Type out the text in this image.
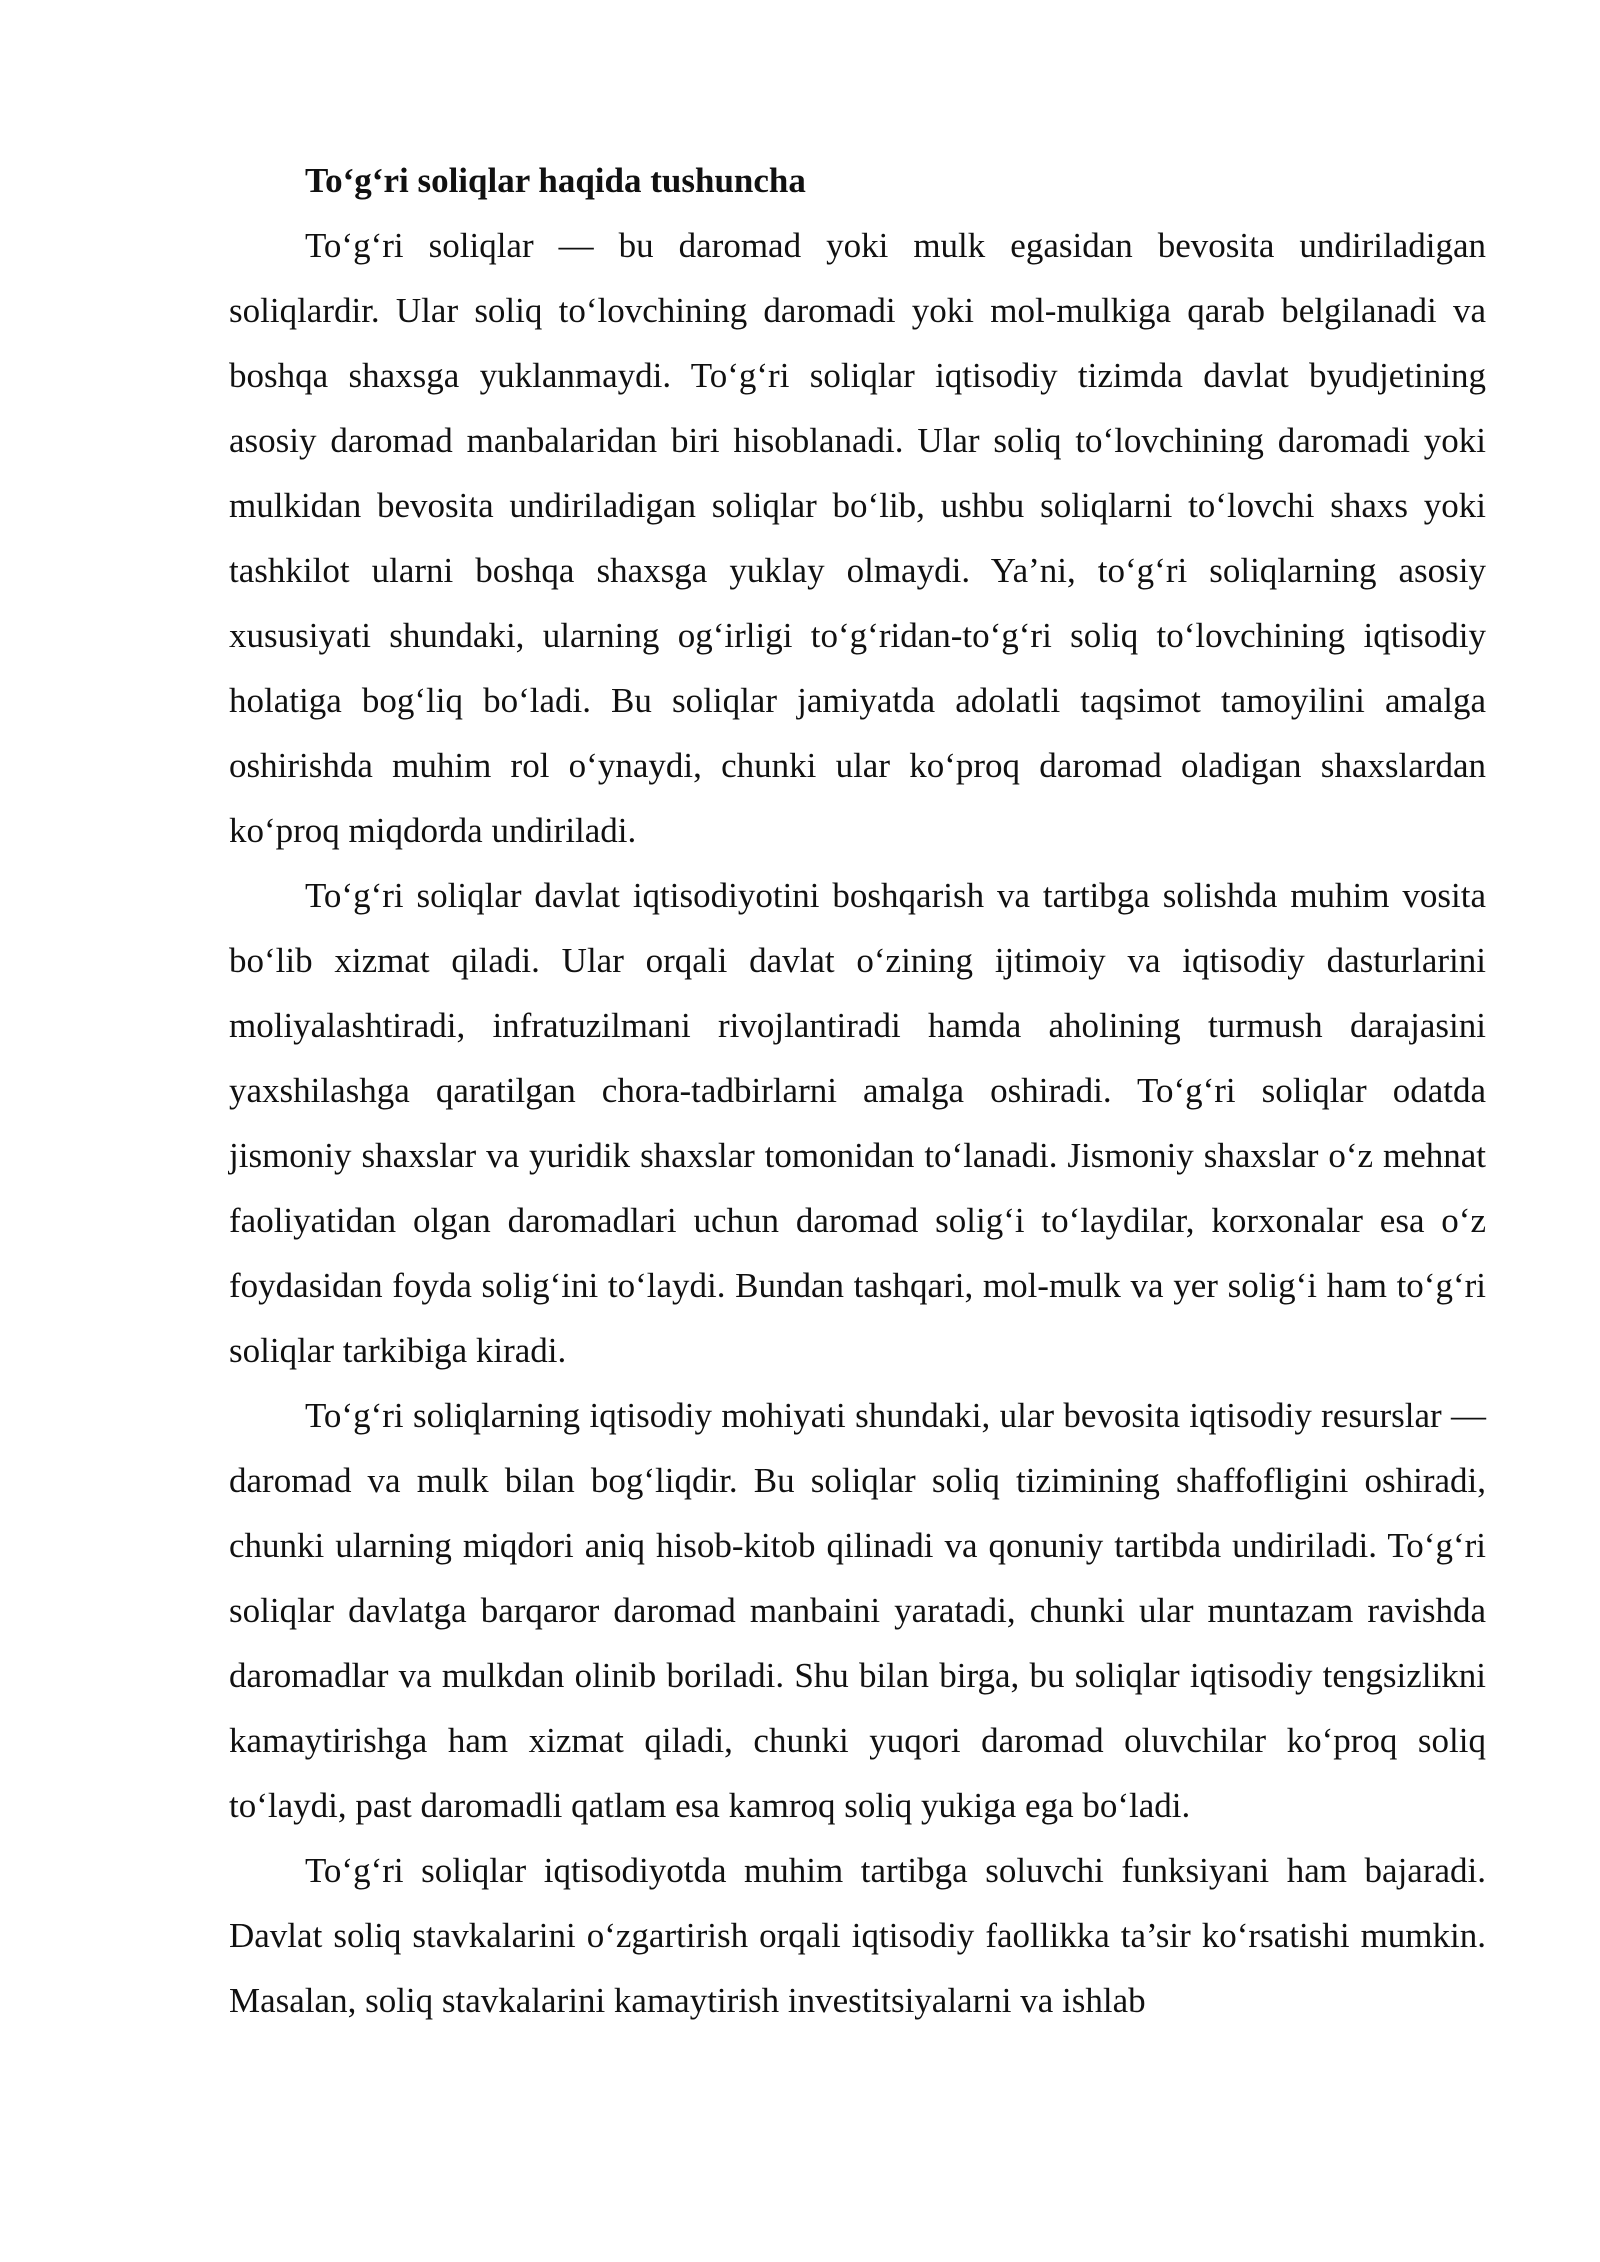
To‘g‘ri soliqlar haqida tushuncha

To‘g‘ri soliqlar — bu daromad yoki mulk egasidan bevosita undiriladigan soliqlardir. Ular soliq to‘lovchining daromadi yoki mol-mulkiga qarab belgilanadi va boshqa shaxsga yuklanmaydi. To‘g‘ri soliqlar iqtisodiy tizimda davlat byudjetining asosiy daromad manbalaridan biri hisoblanadi. Ular soliq to‘lovchining daromadi yoki mulkidan bevosita undiriladigan soliqlar bo‘lib, ushbu soliqlarni to‘lovchi shaxs yoki tashkilot ularni boshqa shaxsga yuklay olmaydi. Ya’ni, to‘g‘ri soliqlarning asosiy xususiyati shundaki, ularning og‘irligi to‘g‘ridan-to‘g‘ri soliq to‘lovchining iqtisodiy holatiga bog‘liq bo‘ladi. Bu soliqlar jamiyatda adolatli taqsimot tamoyilini amalga oshirishda muhim rol o‘ynaydi, chunki ular ko‘proq daromad oladigan shaxslardan ko‘proq miqdorda undiriladi.

To‘g‘ri soliqlar davlat iqtisodiyotini boshqarish va tartibga solishda muhim vosita bo‘lib xizmat qiladi. Ular orqali davlat o‘zining ijtimoiy va iqtisodiy dasturlarini moliyalashtiradi, infratuzilmani rivojlantiradi hamda aholining turmush darajasini yaxshilashga qaratilgan chora-tadbirlarni amalga oshiradi. To‘g‘ri soliqlar odatda jismoniy shaxslar va yuridik shaxslar tomonidan to‘lanadi. Jismoniy shaxslar o‘z mehnat faoliyatidan olgan daromadlari uchun daromad solig‘i to‘laydilar, korxonalar esa o‘z foydasidan foyda solig‘ini to‘laydi. Bundan tashqari, mol-mulk va yer solig‘i ham to‘g‘ri soliqlar tarkibiga kiradi.

To‘g‘ri soliqlarning iqtisodiy mohiyati shundaki, ular bevosita iqtisodiy resurslar — daromad va mulk bilan bog‘liqdir. Bu soliqlar soliq tizimining shaffofligini oshiradi, chunki ularning miqdori aniq hisob-kitob qilinadi va qonuniy tartibda undiriladi. To‘g‘ri soliqlar davlatga barqaror daromad manbaini yaratadi, chunki ular muntazam ravishda daromadlar va mulkdan olinib boriladi. Shu bilan birga, bu soliqlar iqtisodiy tengsizlikni kamaytirishga ham xizmat qiladi, chunki yuqori daromad oluvchilar ko‘proq soliq to‘laydi, past daromadli qatlam esa kamroq soliq yukiga ega bo‘ladi.

To‘g‘ri soliqlar iqtisodiyotda muhim tartibga soluvchi funksiyani ham bajaradi. Davlat soliq stavkalarini o‘zgartirish orqali iqtisodiy faollikka ta’sir ko‘rsatishi mumkin. Masalan, soliq stavkalarini kamaytirish investitsiyalarni va ishlab
